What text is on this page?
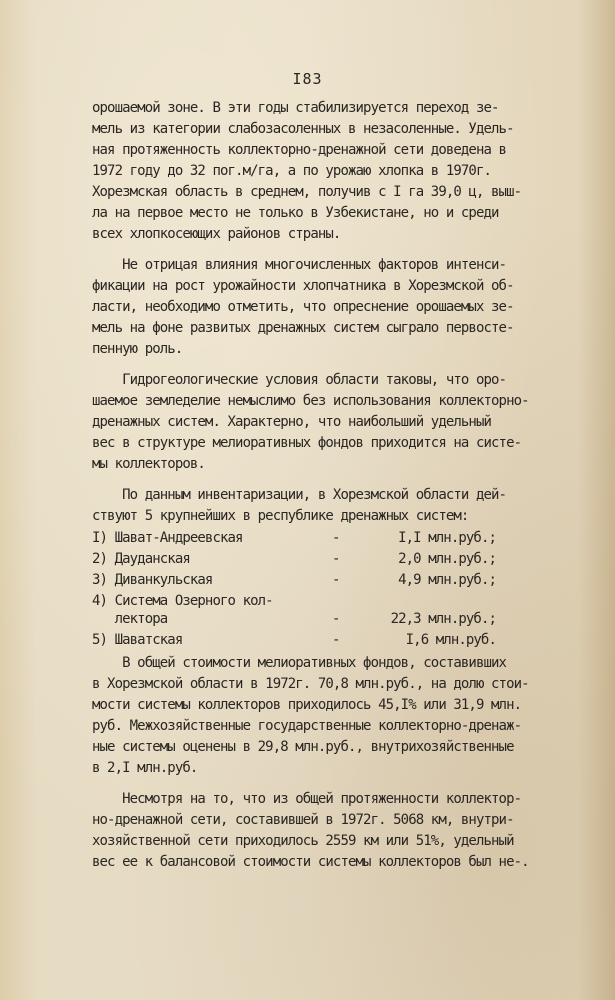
I83
орошаемой зоне. В эти годы стабилизируется переход зе-
мель из категории слабозасоленных в незасоленные. Удель-
ная протяженность коллекторно-дренажной сети доведена в
1972 году до 32 пог.м/га, а по урожаю хлопка в 1970г.
Хорезмская область в среднем, получив с I га 39,0 ц, выш-
ла на первое место не только в Узбекистане, но и среди
всех хлопкосеющих районов страны.
Не отрицая влияния многочисленных факторов интенси-
фикации на рост урожайности хлопчатника в Хорезмской об-
ласти, необходимо отметить, что опреснение орошаемых зе-
мель на фоне развитых дренажных систем сыграло первосте-
пенную роль.
Гидрогеологические условия области таковы, что оро-
шаемое земледелие немыслимо без использования коллекторно-
дренажных систем. Характерно, что наибольший удельный
вес в структуре мелиоративных фондов приходится на систе-
мы коллекторов.
По данным инвентаризации, в Хорезмской области дей-
ствуют 5 крупнейших в республике дренажных систем:
I) Шават-Андреевская	-	I,I млн.руб.;
2) Дауданская	-	2,0 млн.руб.;
3) Диванкульская	-	4,9 млн.руб.;
4) Система Озерного кол-
лектора	-	22,3 млн.руб.;
5) Шаватская	-	I,6 млн.руб.
В общей стоимости мелиоративных фондов, составивших
в Хорезмской области в 1972г. 70,8 млн.руб., на долю стои-
мости системы коллекторов приходилось 45,I% или 31,9 млн.
руб. Межхозяйственные государственные коллекторно-дренаж-
ные системы оценены в 29,8 млн.руб., внутрихозяйственные
в 2,I млн.руб.
Несмотря на то, что из общей протяженности коллектор-
но-дренажной сети, составившей в 1972г. 5068 км, внутри-
хозяйственной сети приходилось 2559 км или 51%, удельный
вес ее к балансовой стоимости системы коллекторов был не-.
